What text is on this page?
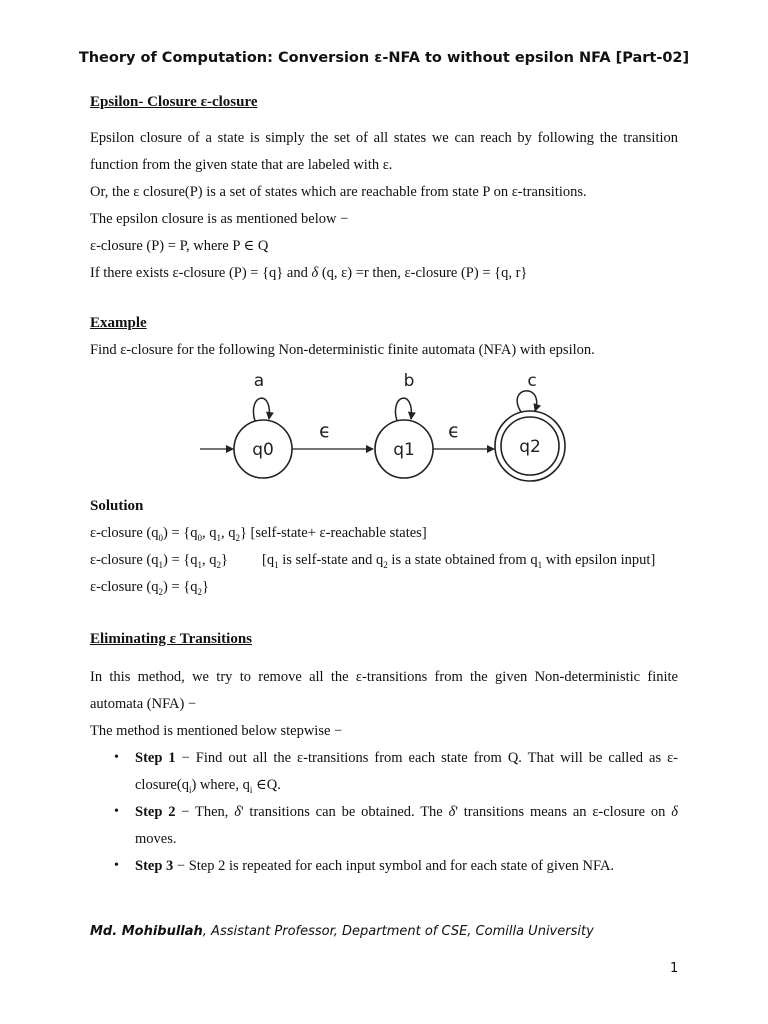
Theory of Computation: Conversion ε-NFA to without epsilon NFA [Part-02]
Epsilon- Closure ε-closure
Epsilon closure of a state is simply the set of all states we can reach by following the transition
function from the given state that are labeled with ε.
Or, the ε closure(P) is a set of states which are reachable from state P on ε-transitions.
The epsilon closure is as mentioned below −
ε-closure (P) = P, where P ∈ Q
If there exists ε-closure (P) = {q} and δ (q, ε) =r then, ε-closure (P) = {q, r}
Example
Find ε-closure for the following Non-deterministic finite automata (NFA) with epsilon.
q0
a
ϵ
q1
b
ϵ
q2
c
Solution
ε-closure $(q_0) = \{q_0$, $q_1$, $q_2$} [self-state+ ε-reachable states]
ε-closure $(q_1) = \{q_1$, $q_2$} [$q_1$ is self-state and $q_2$ is a state obtained from $q_1$ with epsilon input]
ε-closure $(q_2) = \{q_2\}$
Eliminating ε Transitions
In this method, we try to remove all the ε-transitions from the given Non-deterministic finite
automata (NFA) −
The method is mentioned below stepwise −
• Step 1 − Find out all the ε-transitions from each state from Q. That will be called as ε-
$closure(q_i)$ where, $q_i$ ∈Q.
• Step 2 − Then, δ' transitions can be obtained. The δ' transitions means an ε-closure on δ
moves.
• Step 3 − Step 2 is repeated for each input symbol and for each state of given NFA.
Md. Mohibullah, Assistant Professor, Department of CSE, Comilla University
1
